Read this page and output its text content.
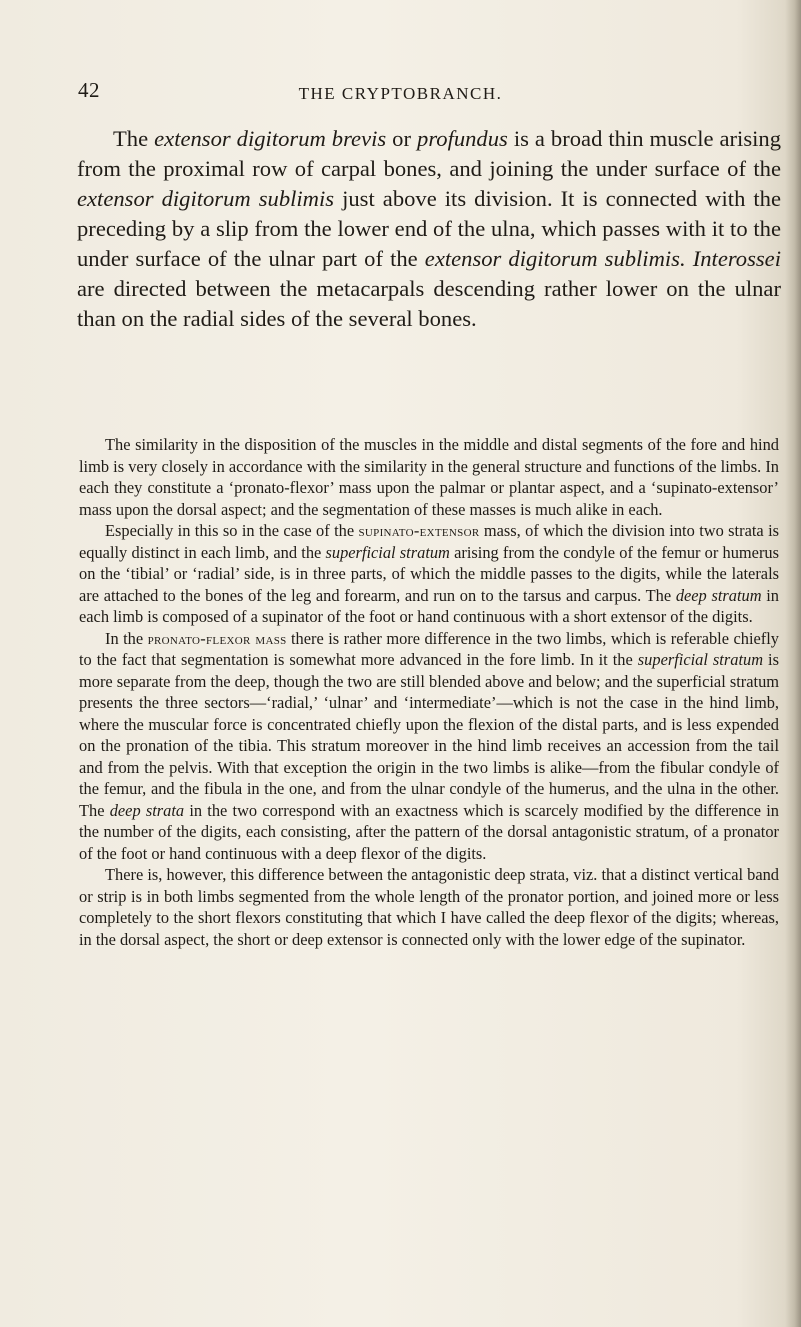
42	THE CRYPTOBRANCH.

The extensor digitorum brevis or profundus is a broad thin muscle arising from the proximal row of carpal bones, and joining the under surface of the extensor digitorum sublimis just above its division. It is connected with the preceding by a slip from the lower end of the ulna, which passes with it to the under surface of the ulnar part of the extensor digitorum sublimis. Interossei are directed between the metacarpals descending rather lower on the ulnar than on the radial sides of the several bones.

The similarity in the disposition of the muscles in the middle and distal segments of the fore and hind limb is very closely in accordance with the similarity in the general structure and functions of the limbs. In each they constitute a ‘pronato-flexor’ mass upon the palmar or plantar aspect, and a ‘supinato-extensor’ mass upon the dorsal aspect; and the segmentation of these masses is much alike in each.

Especially in this so in the case of the supinato-extensor mass, of which the division into two strata is equally distinct in each limb, and the superficial stratum arising from the condyle of the femur or humerus on the ‘tibial’ or ‘radial’ side, is in three parts, of which the middle passes to the digits, while the laterals are attached to the bones of the leg and forearm, and run on to the tarsus and carpus. The deep stratum in each limb is composed of a supinator of the foot or hand continuous with a short extensor of the digits.

In the pronato-flexor mass there is rather more difference in the two limbs, which is referable chiefly to the fact that segmentation is somewhat more advanced in the fore limb. In it the superficial stratum is more separate from the deep, though the two are still blended above and below; and the superficial stratum presents the three sectors—‘radial,’ ‘ulnar’ and ‘intermediate’—which is not the case in the hind limb, where the muscular force is concentrated chiefly upon the flexion of the distal parts, and is less expended on the pronation of the tibia. This stratum moreover in the hind limb receives an accession from the tail and from the pelvis. With that exception the origin in the two limbs is alike—from the fibular condyle of the femur, and the fibula in the one, and from the ulnar condyle of the humerus, and the ulna in the other. The deep strata in the two correspond with an exactness which is scarcely modified by the difference in the number of the digits, each consisting, after the pattern of the dorsal antagonistic stratum, of a pronator of the foot or hand continuous with a deep flexor of the digits.

There is, however, this difference between the antagonistic deep strata, viz. that a distinct vertical band or strip is in both limbs segmented from the whole length of the pronator portion, and joined more or less completely to the short flexors constituting that which I have called the deep flexor of the digits; whereas, in the dorsal aspect, the short or deep extensor is connected only with the lower edge of the supinator.
